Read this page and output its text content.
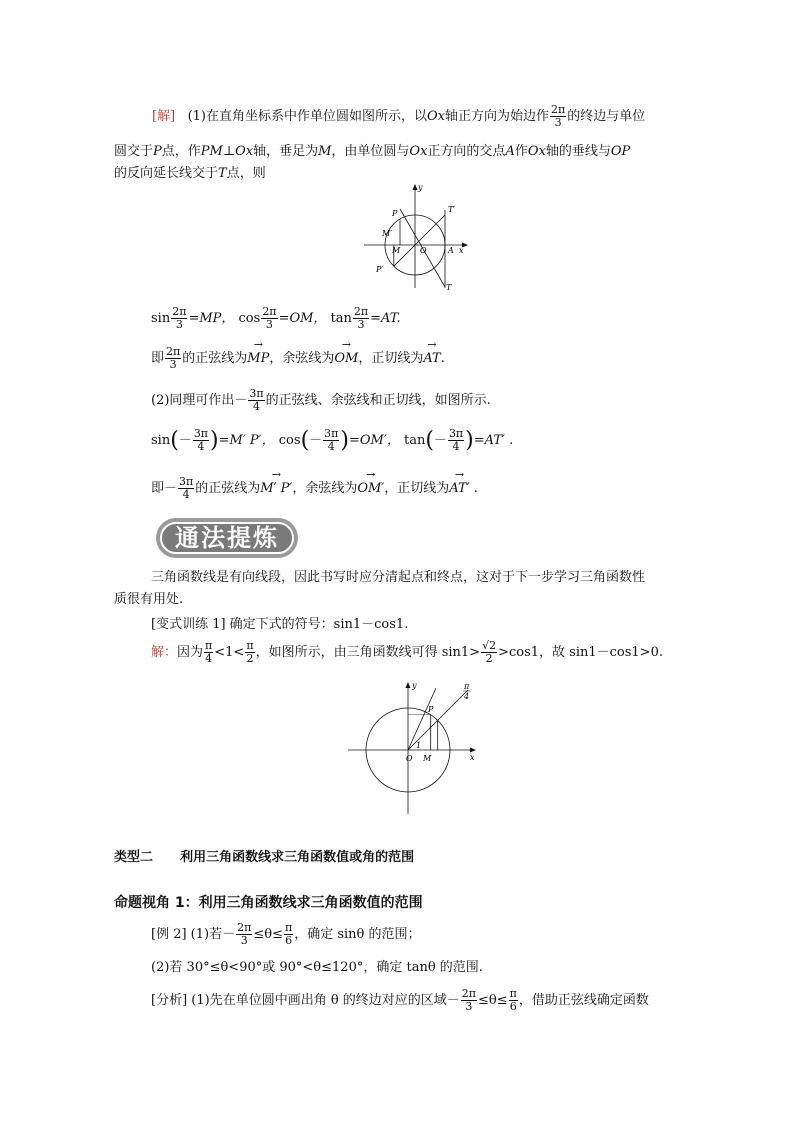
[解] (1)在直角坐标系中作单位圆如图所示，以Ox轴正方向为始边作 $\frac{2\pi}{3}$ 的终边与单位
圆交于P点，作PM⊥Ox轴，垂足为M，由单位圆与Ox正方向的交点A作Ox轴的垂线与OP
的反向延长线交于T点，则
y
T′
P
M′
M O	A x
P′
T
$\sin \frac{2\pi}{3} =MP$， $\cos \frac{2\pi}{3} =OM$， $\tan \frac{2\pi}{3} =AT$.
即 $\frac{2\pi}{3}$ 的正弦线为→ MP，余弦线为→ OM，正切线为→ AT.
(2)同理可作出－ $\frac{3\pi}{4}$ 的正弦线、余弦线和正切线，如图所示.
$\sin(- \frac{3\pi}{4} )=M'$ P′， $\cos(- \frac{3\pi}{4} )=OM'$， $\tan(- \frac{3\pi}{4} )=AT'$ .
即－ $\frac{3\pi}{4}$ 的正弦线为→ M′ P′，余弦线为→ OM′，正切线为→ AT′ .
通法提炼
三角函数线是有向线段，因此书写时应分清起点和终点，这对于下一步学习三角函数性
质很有用处.
[变式训练 1] 确定下式的符号：sin1－cos1.
解：因为 $\frac{\pi}{4} <1< \frac{\pi}{2}$ ，如图所示，由三角函数线可得 $\sin 1> \frac{√2}{2} >\cos 1$，故 sin1－cos1>0.
y	π
4
P
1
O M	x
类型二 利用三角函数线求三角函数值或角的范围
命题视角 1：利用三角函数线求三角函数值的范围
[例 2] (1)若－ $\frac{2\pi}{3} \le\theta\le \frac{\pi}{6}$ ，确定 sinθ 的范围；
(2)若 30°≤θ<90°或 90°<θ≤120°，确定 tanθ 的范围.
[分析] (1)先在单位圆中画出角 θ 的终边对应的区域－ $\frac{2\pi}{3} \le\theta\le \frac{\pi}{6}$ ，借助正弦线确定函数
